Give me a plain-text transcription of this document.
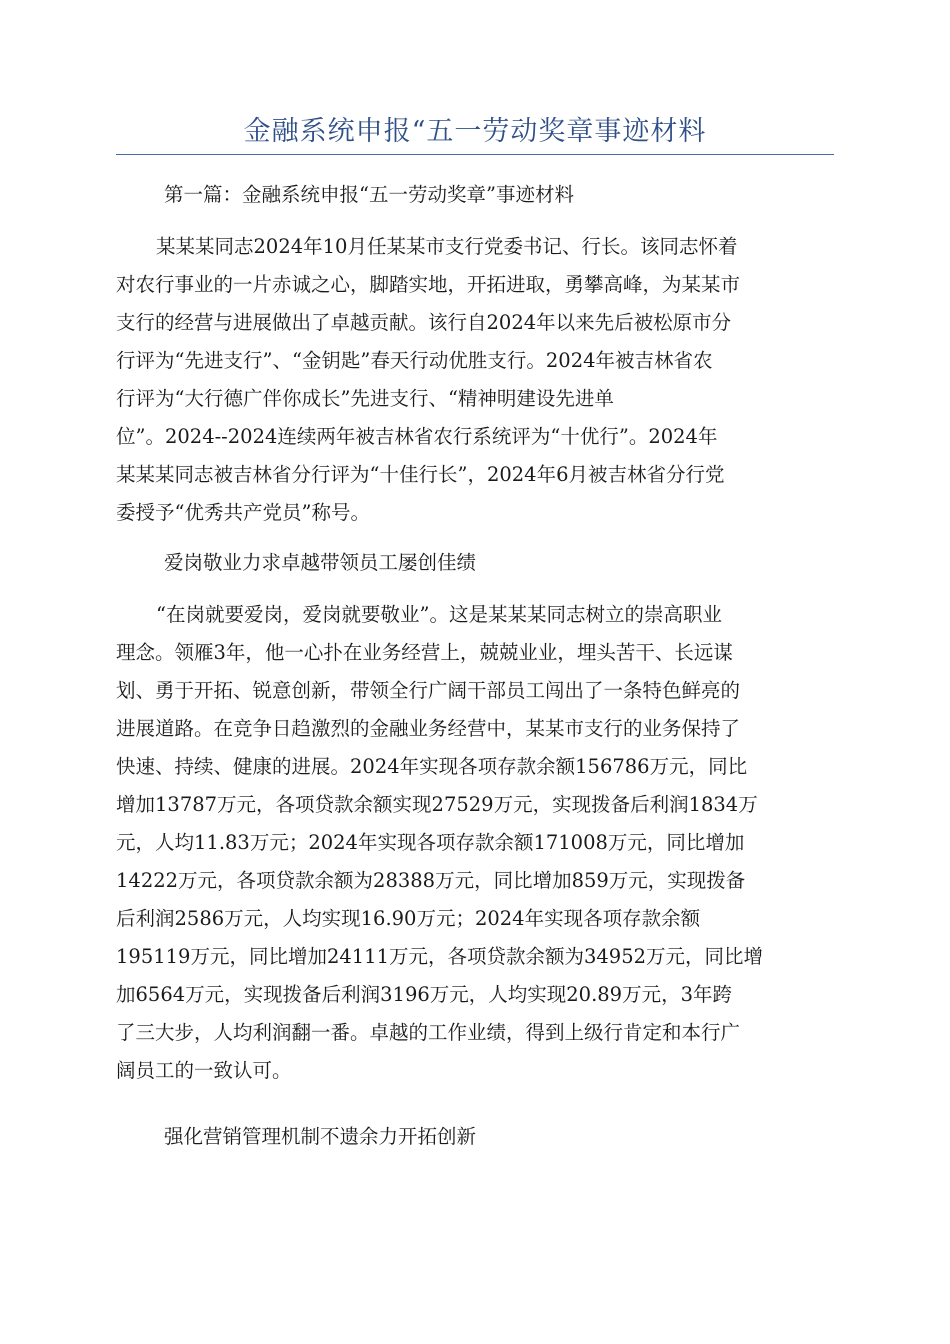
金融系统申报“五一劳动奖章事迹材料

第一篇：金融系统申报“五一劳动奖章”事迹材料

某某某同志2024年10月任某某市支行党委书记、行长。该同志怀着
对农行事业的一片赤诚之心，脚踏实地，开拓进取，勇攀高峰，为某某市
支行的经营与进展做出了卓越贡献。该行自2024年以来先后被松原市分
行评为“先进支行”、“金钥匙”春天行动优胜支行。2024年被吉林省农
行评为“大行德广伴你成长”先进支行、“精神明建设先进单
位”。2024--2024连续两年被吉林省农行系统评为“十优行”。2024年
某某某同志被吉林省分行评为“十佳行长”，2024年6月被吉林省分行党
委授予“优秀共产党员”称号。

爱岗敬业力求卓越带领员工屡创佳绩

“在岗就要爱岗，爱岗就要敬业”。这是某某某同志树立的崇高职业
理念。领雁3年，他一心扑在业务经营上，兢兢业业，埋头苦干、长远谋
划、勇于开拓、锐意创新，带领全行广阔干部员工闯出了一条特色鲜亮的
进展道路。在竞争日趋激烈的金融业务经营中，某某市支行的业务保持了
快速、持续、健康的进展。2024年实现各项存款余额156786万元，同比
增加13787万元，各项贷款余额实现27529万元，实现拨备后利润1834万
元，人均11.83万元；2024年实现各项存款余额171008万元，同比增加
14222万元，各项贷款余额为28388万元，同比增加859万元，实现拨备
后利润2586万元，人均实现16.90万元；2024年实现各项存款余额
195119万元，同比增加24111万元，各项贷款余额为34952万元，同比增
加6564万元，实现拨备后利润3196万元，人均实现20.89万元，3年跨
了三大步，人均利润翻一番。卓越的工作业绩，得到上级行肯定和本行广
阔员工的一致认可。

强化营销管理机制不遗余力开拓创新
